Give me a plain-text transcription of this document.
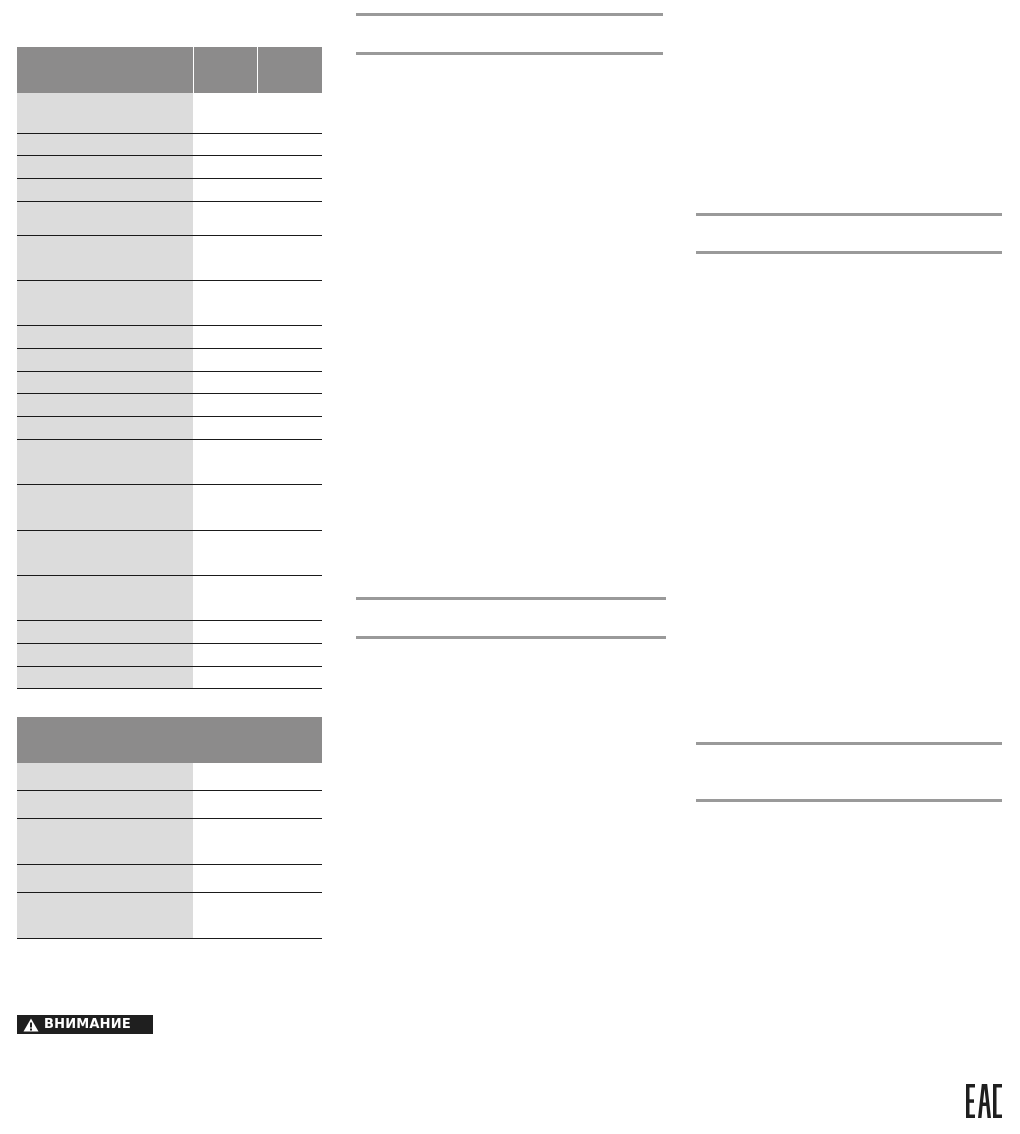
ВНИМАНИЕ
